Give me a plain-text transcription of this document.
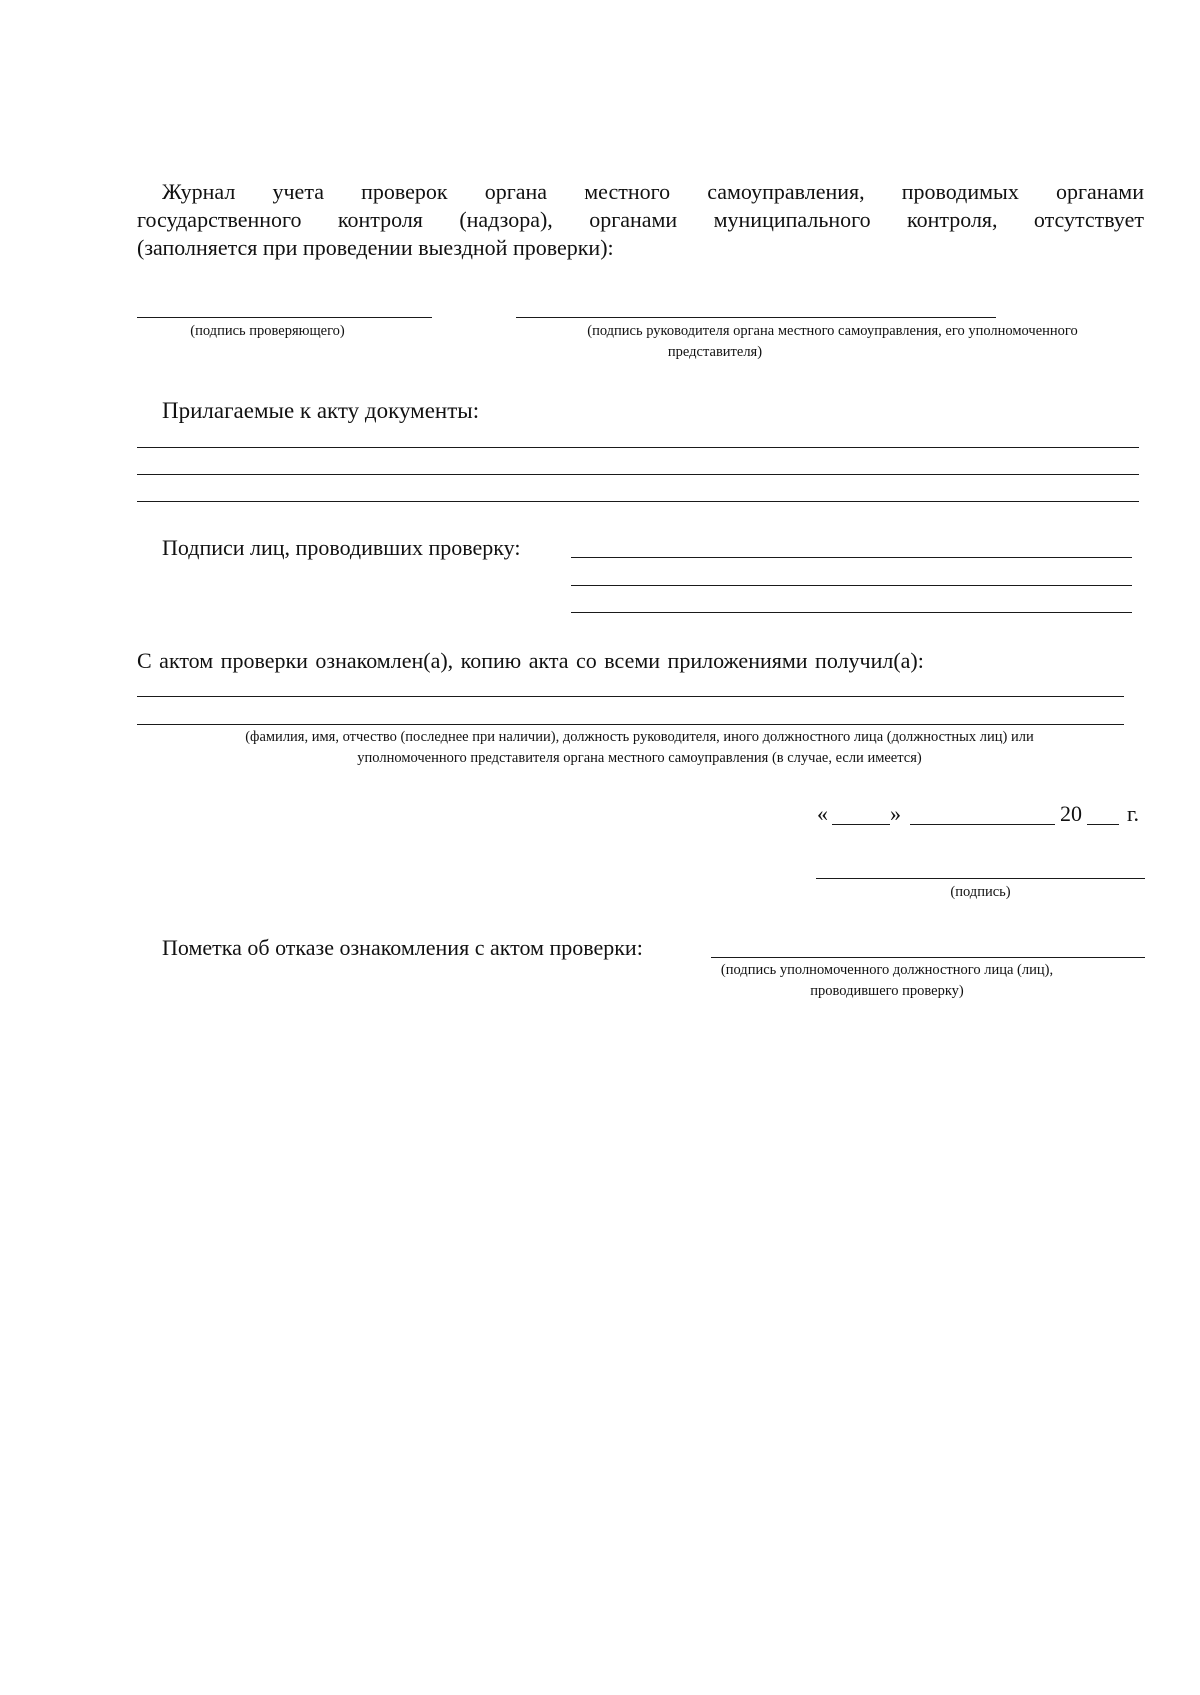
Журнал учета проверок органа местного самоуправления, проводимых органами
государственного контроля (надзора), органами муниципального контроля, отсутствует
(заполняется при проведении выездной проверки):
(подпись проверяющего)	(подпись руководителя органа местного самоуправления, его уполномоченного
представителя)
Прилагаемые к акту документы:
Подписи лиц, проводивших проверку:
С актом проверки ознакомлен(а), копию акта со всеми приложениями получил(а):
(фамилия, имя, отчество (последнее при наличии), должность руководителя, иного должностного лица (должностных лиц) или
уполномоченного представителя органа местного самоуправления (в случае, если имеется)
«	»	20 г.
(подпись)
Пометка об отказе ознакомления с актом проверки:
(подпись уполномоченного должностного лица (лиц),
проводившего проверку)
